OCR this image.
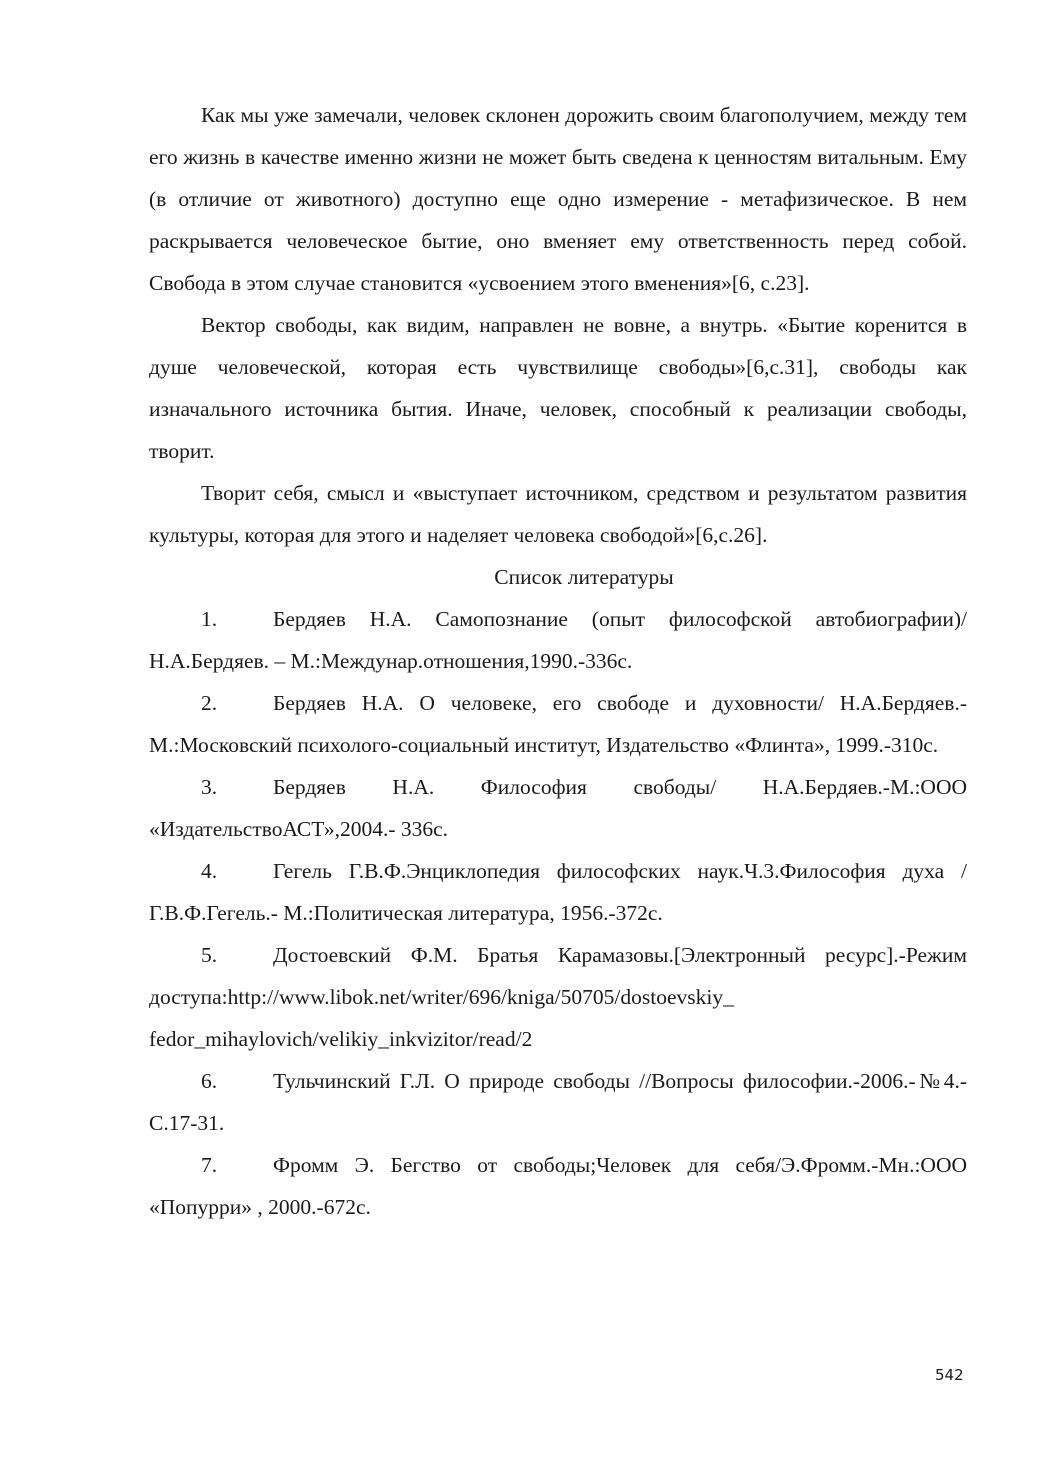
Как мы уже замечали, человек склонен дорожить своим благополучием, между тем его жизнь в качестве именно жизни не может быть сведена к ценностям витальным. Ему (в отличие от животного) доступно еще одно измерение - метафизическое. В нем раскрывается человеческое бытие, оно вменяет ему ответственность перед собой. Свобода в этом случае становится «усвоением этого вменения»[6, с.23].

Вектор свободы, как видим, направлен не вовне, а внутрь. «Бытие коренится в душе человеческой, которая есть чувствилище свободы»[6,с.31], свободы как изначального источника бытия. Иначе, человек, способный к реализации свободы, творит.

Творит себя, смысл и «выступает источником, средством и результатом развития культуры, которая для этого и наделяет человека свободой»[6,с.26].

Список литературы

1.	Бердяев Н.А. Самопознание (опыт философской автобиографии)/ Н.А.Бердяев. – М.:Междунар.отношения,1990.-336с.
2.	Бердяев Н.А. О человеке, его свободе и духовности/ Н.А.Бердяев.-М.:Московский психолого-социальный институт, Издательство «Флинта», 1999.-310с.
3.	Бердяев Н.А. Философия свободы/ Н.А.Бердяев.-М.:ООО «ИздательствоАСТ»,2004.- 336с.
4.	Гегель Г.В.Ф.Энциклопедия философских наук.Ч.3.Философия духа /Г.В.Ф.Гегель.- М.:Политическая литература, 1956.-372с.
5.	Достоевский Ф.М. Братья Карамазовы.[Электронный ресурс].-Режим доступа:http://www.libok.net/writer/696/kniga/50705/dostoevskiy_ fedor_mihaylovich/velikiy_inkvizitor/read/2
6.	Тульчинский Г.Л. О природе свободы //Вопросы философии.-2006.-№4.-С.17-31.
7.	Фромм Э. Бегство от свободы;Человек для себя/Э.Фромм.-Мн.:ООО «Попурри» , 2000.-672с.
542
